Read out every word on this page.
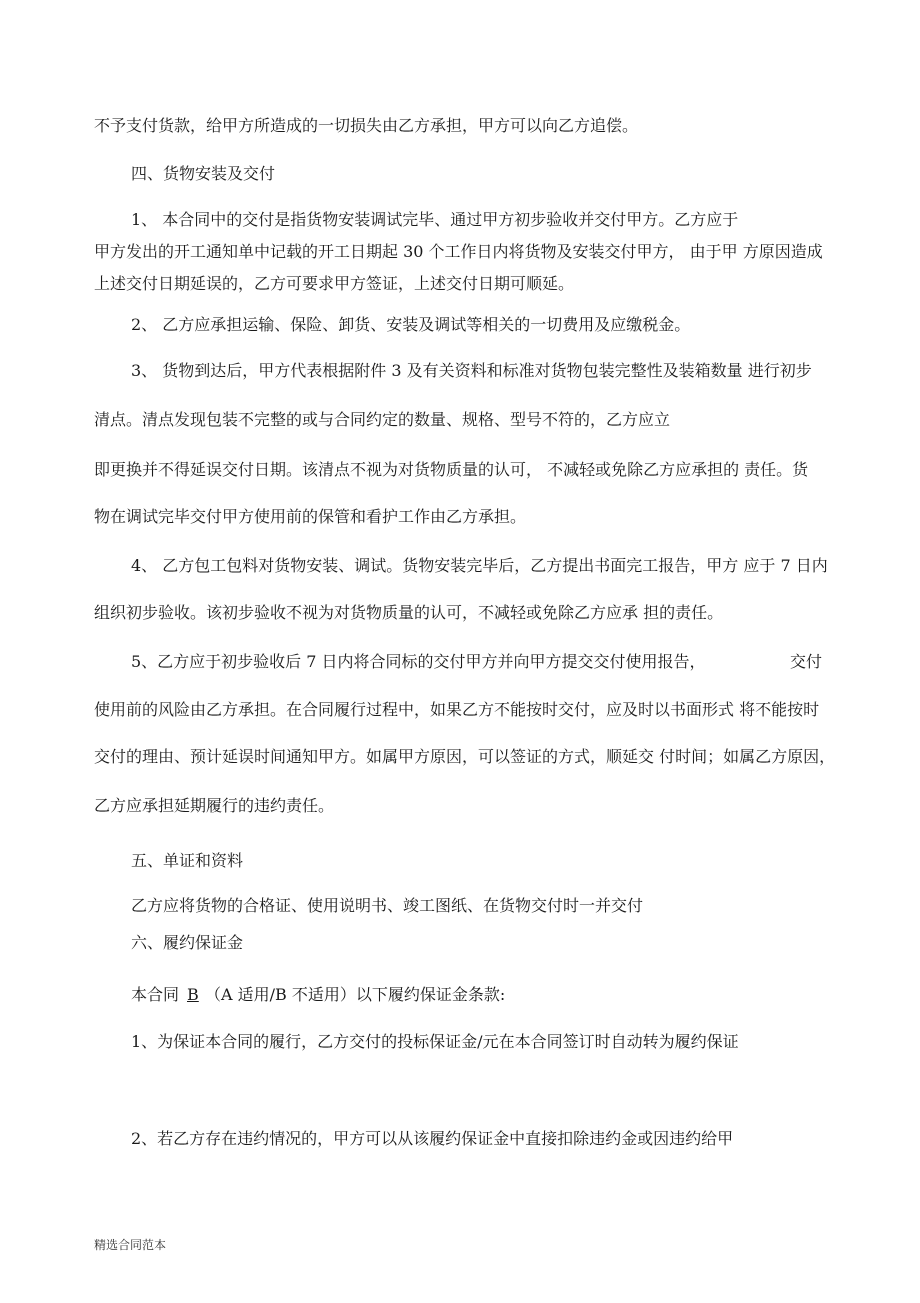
不予支付货款，给甲方所造成的一切损失由乙方承担，甲方可以向乙方追偿。

四、货物安装及交付

1、 本合同中的交付是指货物安装调试完毕、通过甲方初步验收并交付甲方。乙方应于

甲方发出的开工通知单中记载的开工日期起 30 个工作日内将货物及安装交付甲方， 由于甲 方原因造成

上述交付日期延误的，乙方可要求甲方签证，上述交付日期可顺延。

2、 乙方应承担运输、保险、卸货、安装及调试等相关的一切费用及应缴税金。

3、 货物到达后，甲方代表根据附件 3 及有关资料和标准对货物包装完整性及装箱数量 进行初步

清点。清点发现包装不完整的或与合同约定的数量、规格、型号不符的，乙方应立

即更换并不得延误交付日期。该清点不视为对货物质量的认可， 不减轻或免除乙方应承担的 责任。货

物在调试完毕交付甲方使用前的保管和看护工作由乙方承担。

4、 乙方包工包料对货物安装、调试。货物安装完毕后，乙方提出书面完工报告，甲方 应于 7 日内

组织初步验收。该初步验收不视为对货物质量的认可，不减轻或免除乙方应承 担的责任。

5、乙方应于初步验收后 7 日内将合同标的交付甲方并向甲方提交交付使用报告，	交付

使用前的风险由乙方承担。在合同履行过程中，如果乙方不能按时交付，应及时以书面形式 将不能按时

交付的理由、预计延误时间通知甲方。如属甲方原因，可以签证的方式，顺延交 付时间；如属乙方原因，

乙方应承担延期履行的违约责任。

五、单证和资料

乙方应将货物的合格证、使用说明书、竣工图纸、在货物交付时一并交付

六、履约保证金

本合同 B （A 适用/B 不适用）以下履约保证金条款:

1、为保证本合同的履行，乙方交付的投标保证金/元在本合同签订时自动转为履约保证

2、若乙方存在违约情况的，甲方可以从该履约保证金中直接扣除违约金或因违约给甲

精选合同范本
